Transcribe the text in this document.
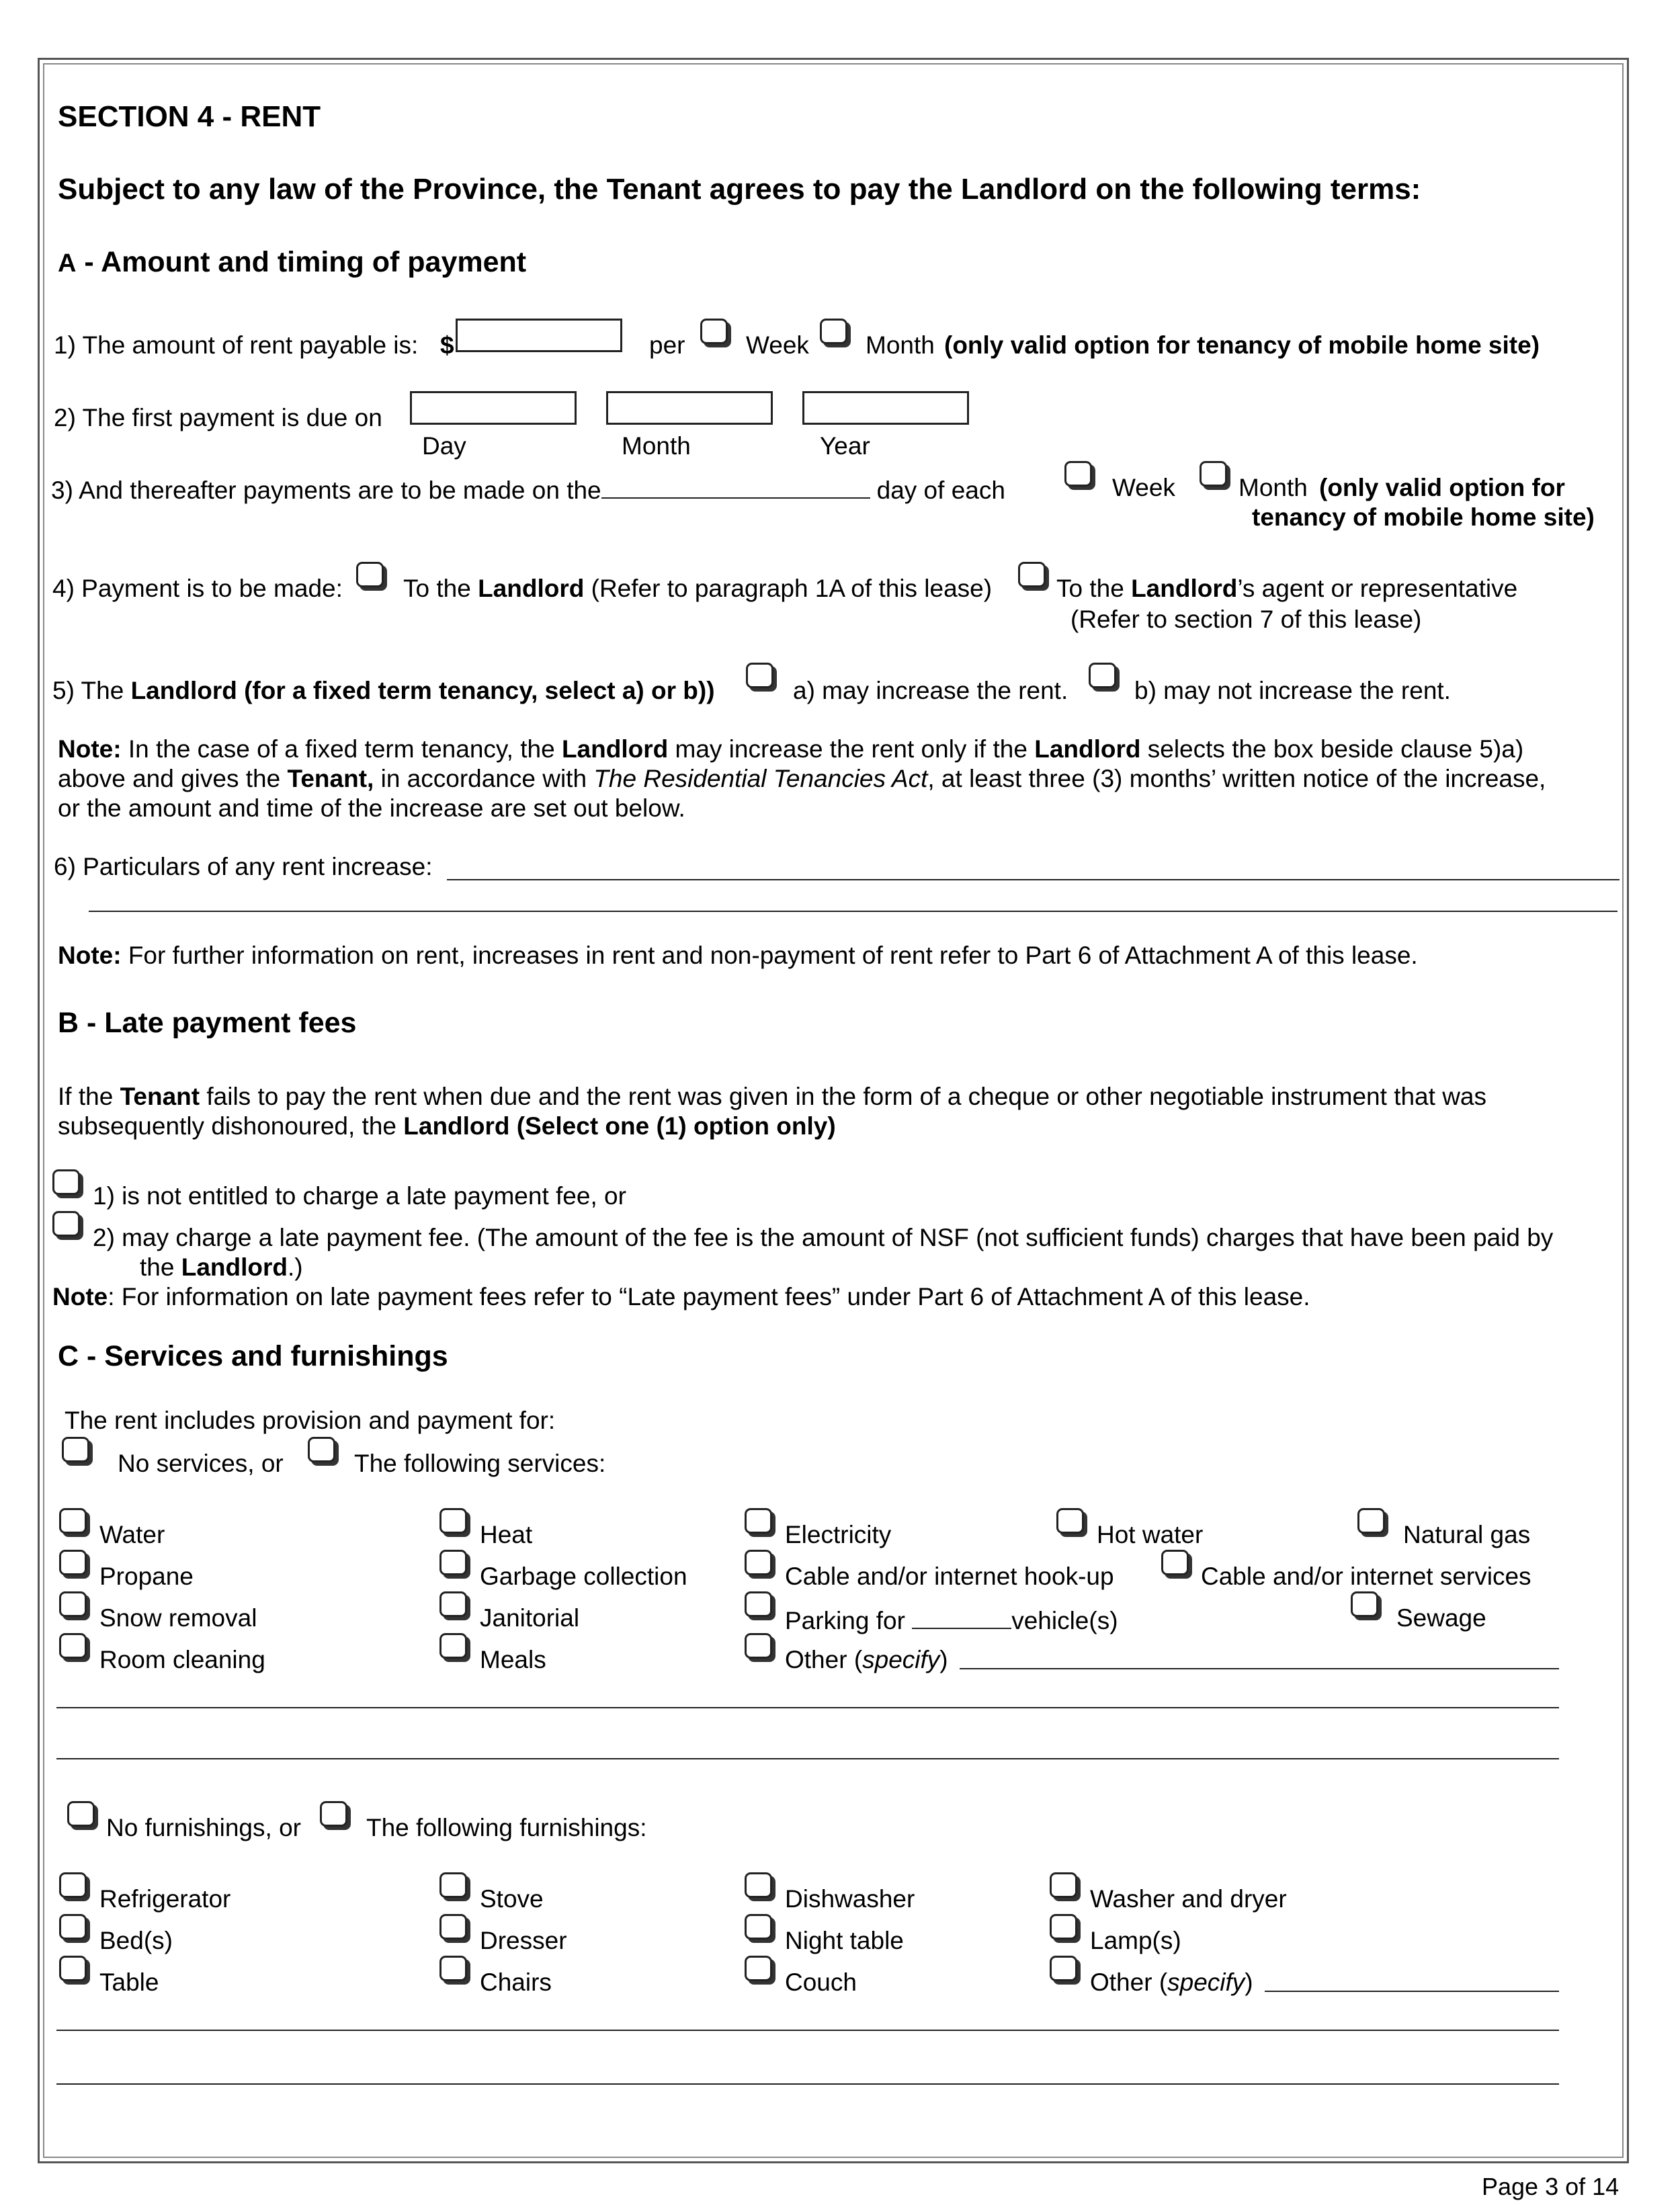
SECTION 4 - RENT
Subject to any law of the Province, the Tenant agrees to pay the Landlord on the following terms:
A - Amount and timing of payment
1) The amount of rent payable is: $	per Week Month (only valid option for tenancy of mobile home site)
2) The first payment is due on
Day	Month	Year
3) And thereafter payments are to be made on the	day of each	Week	Month (only valid option for
tenancy of mobile home site)
4) Payment is to be made: To the Landlord (Refer to paragraph 1A of this lease)	To the Landlord’s agent or representative
(Refer to section 7 of this lease)
5) The Landlord (for a fixed term tenancy, select a) or b))	a) may increase the rent.	b) may not increase the rent.
Note: In the case of a fixed term tenancy, the Landlord may increase the rent only if the Landlord selects the box beside clause 5)a)
above and gives the Tenant, in accordance with The Residential Tenancies Act, at least three (3) months’ written notice of the increase,
or the amount and time of the increase are set out below.
6) Particulars of any rent increase:
Note: For further information on rent, increases in rent and non-payment of rent refer to Part 6 of Attachment A of this lease.
B - Late payment fees
If the Tenant fails to pay the rent when due and the rent was given in the form of a cheque or other negotiable instrument that was
subsequently dishonoured, the Landlord (Select one (1) option only)
1) is not entitled to charge a late payment fee, or
2) may charge a late payment fee. (The amount of the fee is the amount of NSF (not sufficient funds) charges that have been paid by
the Landlord.)
Note: For information on late payment fees refer to “Late payment fees” under Part 6 of Attachment A of this lease.
C - Services and furnishings
The rent includes provision and payment for:
No services, or	The following services:
Water	Heat	Electricity	Hot water	Natural gas
Propane	Garbage collection	Cable and/or internet hook-up	Cable and/or internet services
Snow removal	Janitorial	Parking for	vehicle(s)	Sewage
Room cleaning	Meals	Other (specify)
No furnishings, or	The following furnishings:
Refrigerator	Stove	Dishwasher	Washer and dryer
Bed(s)	Dresser	Night table	Lamp(s)
Table	Chairs	Couch	Other (specify)
Page 3 of 14
